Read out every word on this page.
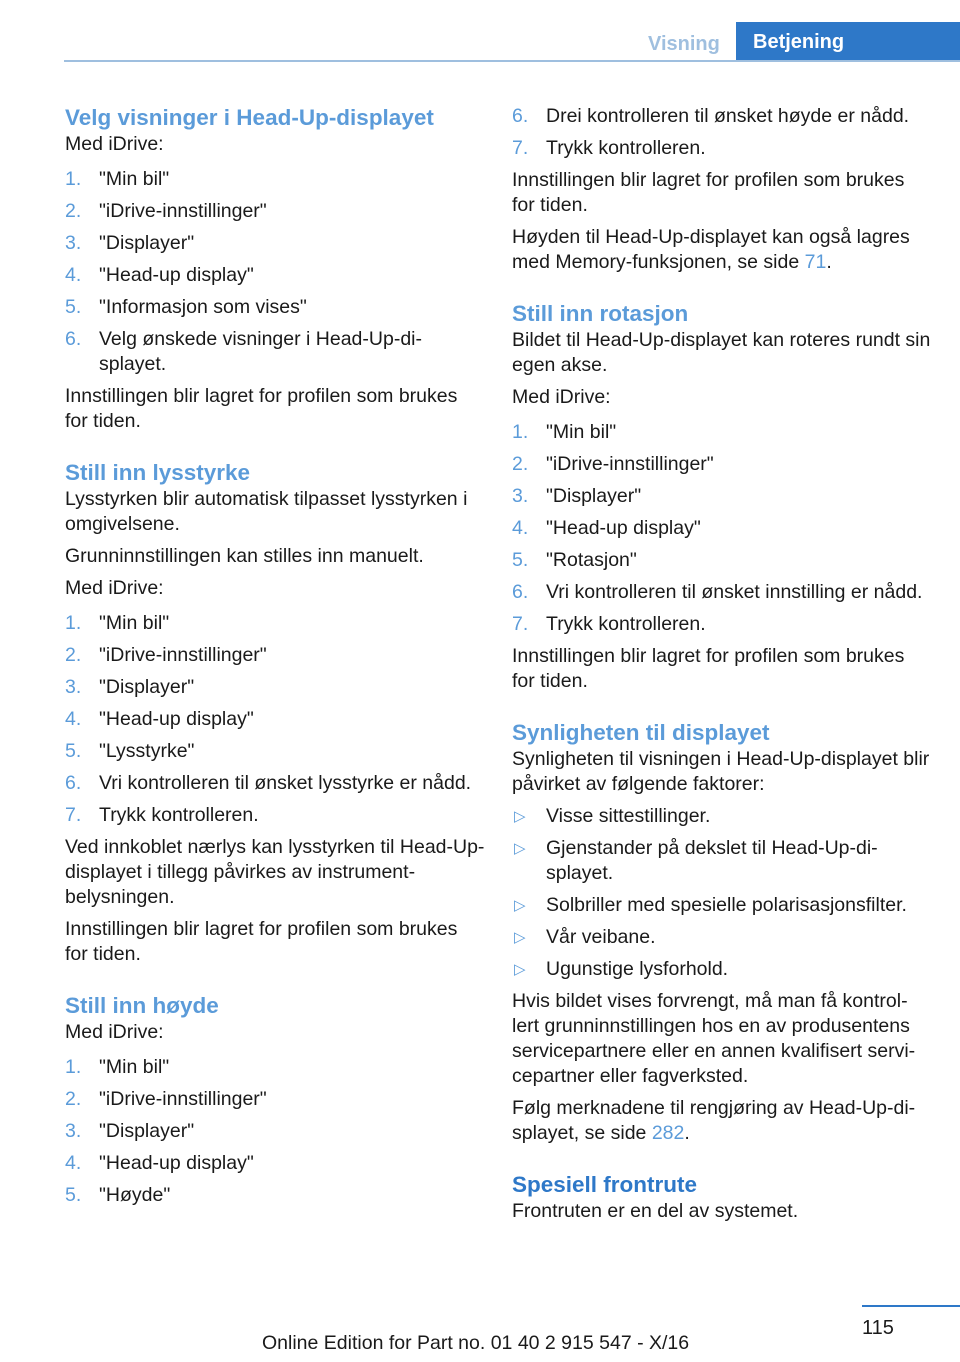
Visning	Betjening
Velg visninger i Head-Up-displayet

Med iDrive:

1. "Min bil"
2. "iDrive-innstillinger"
3. "Displayer"
4. "Head-up display"
5. "Informasjon som vises"
6. Velg ønskede visninger i Head-Up-di-splayet.

Innstillingen blir lagret for profilen som brukes for tiden.

Still inn lysstyrke

Lysstyrken blir automatisk tilpasset lysstyrken i omgivelsene.

Grunninnstillingen kan stilles inn manuelt.

Med iDrive:

1. "Min bil"
2. "iDrive-innstillinger"
3. "Displayer"
4. "Head-up display"
5. "Lysstyrke"
6. Vri kontrolleren til ønsket lysstyrke er nådd.
7. Trykk kontrolleren.

Ved innkoblet nærlys kan lysstyrken til Head-Up-displayet i tillegg påvirkes av instrument-belysningen.

Innstillingen blir lagret for profilen som brukes for tiden.

Still inn høyde

Med iDrive:

1. "Min bil"
2. "iDrive-innstillinger"
3. "Displayer"
4. "Head-up display"
5. "Høyde"
6. Drei kontrolleren til ønsket høyde er nådd.
7. Trykk kontrolleren.

Innstillingen blir lagret for profilen som brukes for tiden.

Høyden til Head-Up-displayet kan også lagres med Memory-funksjonen, se side 71.

Still inn rotasjon

Bildet til Head-Up-displayet kan roteres rundt sin egen akse.

Med iDrive:

1. "Min bil"
2. "iDrive-innstillinger"
3. "Displayer"
4. "Head-up display"
5. "Rotasjon"
6. Vri kontrolleren til ønsket innstilling er nådd.
7. Trykk kontrolleren.

Innstillingen blir lagret for profilen som brukes for tiden.

Synligheten til displayet

Synligheten til visningen i Head-Up-displayet blir påvirket av følgende faktorer:

▷ Visse sittestillinger.
▷ Gjenstander på dekslet til Head-Up-di-splayet.
▷ Solbriller med spesielle polarisasjonsfilter.
▷ Vår veibane.
▷ Ugunstige lysforhold.

Hvis bildet vises forvrengt, må man få kontrol-lert grunninnstillingen hos en av produsentens servicepartnere eller en annen kvalifisert servi-cepartner eller fagverksted.

Følg merknadene til rengjøring av Head-Up-di-splayet, se side 282.

Spesiell frontrute

Frontruten er en del av systemet.

115
Online Edition for Part no. 01 40 2 915 547 - X/16
